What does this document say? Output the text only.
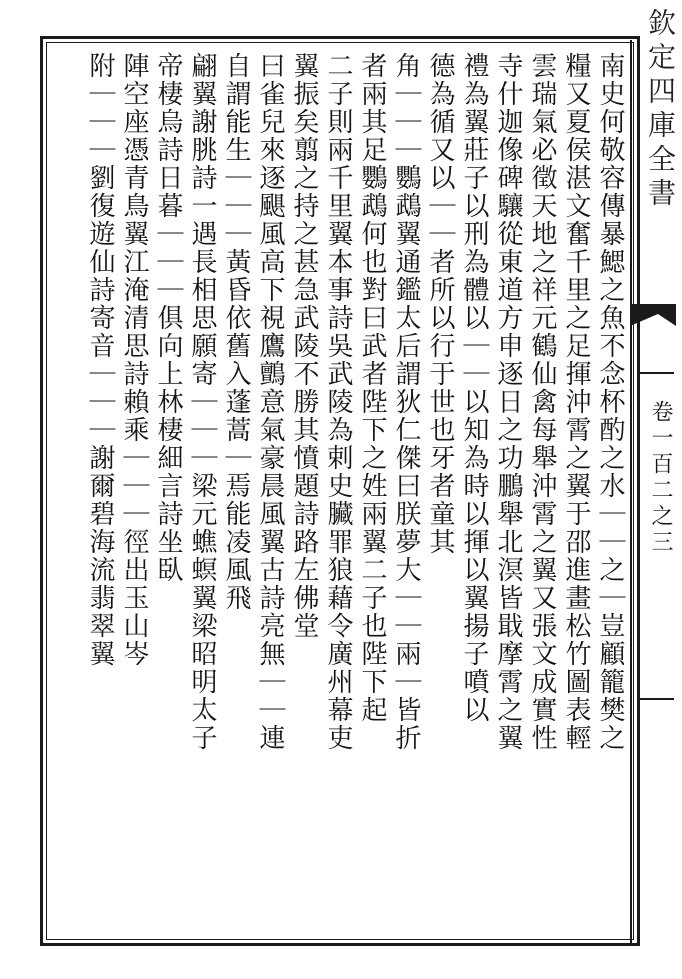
欽定四庫全書
卷一百二之三
南史何敬容傳暴鰓之魚不念杯酌之水｜｜之｜豈顧籠樊之
糧又夏侯湛文奮千里之足揮沖霄之翼于邵進畫松竹圖表輕
雲瑞氣必徵天地之祥元鶴仙禽每舉沖霄之翼又張文成實性
寺什迦像碑驤從東道方申逐日之功鵬舉北溟皆戢摩霄之翼
禮為翼莊子以刑為體以｜｜以知為時以揮以翼揚子噴以
德為循又以｜｜者所以行于世也牙者童其
角｜｜｜鸚鵡翼通鑑太后謂狄仁傑曰朕夢大｜｜兩｜皆折
者兩其足鸚鵡何也對曰武者陛下之姓兩翼二子也陛下起
二子則兩千里翼本事詩吳武陵為剌史臟罪狼藉令廣州幕吏
翼振矣翦之持之甚急武陵不勝其憤題詩路左佛堂
曰雀兒來逐颶風高下視鷹鸇意氣豪晨風翼古詩亮無｜｜連
自謂能生｜｜｜黃昏依舊入蓬蒿｜焉能凌風飛
翩翼謝朓詩一遇長相思願寄｜｜｜梁元蟭螟翼梁昭明太子
帝棲烏詩日暮｜｜｜俱向上林棲細言詩坐臥
陣空座憑青鳥翼江淹清思詩賴乘｜｜｜徑出玉山岑
附｜｜｜劉復遊仙詩寄音｜｜｜謝爾碧海流翡翠翼
